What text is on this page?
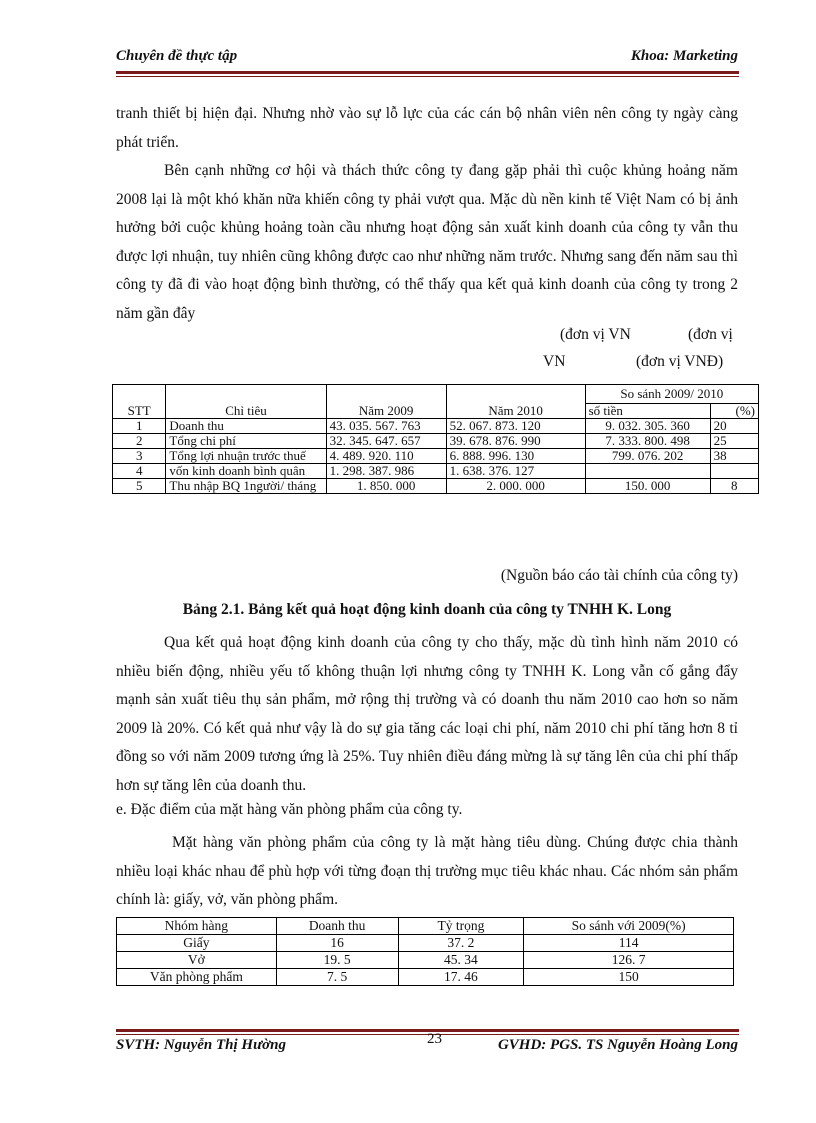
Chuyên đề thực tập	Khoa: Marketing
tranh thiết bị hiện đại. Nhưng nhờ vào sự lỗ lực của các cán bộ nhân viên nên công ty ngày càng phát triển.
Bên cạnh những cơ hội và thách thức công ty đang gặp phải thì cuộc khủng hoảng năm 2008 lại là một khó khăn nữa khiến công ty phải vượt qua. Mặc dù nền kinh tế Việt Nam có bị ảnh hưởng bởi cuộc khủng hoảng toàn cầu nhưng hoạt động sản xuất kinh doanh của công ty vẫn thu được lợi nhuận, tuy nhiên cũng không được cao như những năm trước. Nhưng sang đến năm sau thì công ty đã đi vào hoạt động bình thường, có thể thấy qua kết quả kinh doanh của công ty trong 2 năm gần đây
(đơn vị VN	(đơn vị
VN	(đơn vị VNĐ)
STT	Chỉ tiêu	Năm 2009	Năm 2010	So sánh 2009/ 2010	
				số tiền	(%)
1	Doanh thu	43. 035. 567. 763	52. 067. 873. 120	9. 032. 305. 360	20
2	Tổng chi phí	32. 345. 647. 657	39. 678. 876. 990	7. 333. 800. 498	25
3	Tổng lợi nhuận trước thuế	4. 489. 920. 110	6. 888. 996. 130	799. 076. 202	38
4	vốn kinh doanh bình quân	1. 298. 387. 986	1. 638. 376. 127		
5	Thu nhập BQ 1người/ tháng	1. 850. 000	2. 000. 000	150. 000	8
(Nguồn báo cáo tài chính của công ty)
Bảng 2.1. Bảng kết quả hoạt động kinh doanh của công ty TNHH K. Long
Qua kết quả hoạt động kinh doanh của công ty cho thấy, mặc dù tình hình năm 2010 có nhiều biến động, nhiều yếu tố không thuận lợi nhưng công ty TNHH K. Long vẫn cố gắng đẩy mạnh sản xuất tiêu thụ sản phẩm, mở rộng thị trường và có doanh thu năm 2010 cao hơn so năm 2009 là 20%. Có kết quả như vậy là do sự gia tăng các loại chi phí, năm 2010 chi phí tăng hơn 8 tỉ đồng so với năm 2009 tương ứng là 25%. Tuy nhiên điều đáng mừng là sự tăng lên của chi phí thấp hơn sự tăng lên của doanh thu.
e. Đặc điểm của mặt hàng văn phòng phẩm của công ty.
Mặt hàng văn phòng phẩm của công ty là mặt hàng tiêu dùng. Chúng được chia thành nhiều loại khác nhau để phù hợp với từng đoạn thị trường mục tiêu khác nhau. Các nhóm sản phẩm chính là: giấy, vở, văn phòng phẩm.
Nhóm hàng	Doanh thu	Tỷ trọng	So sánh với 2009(%)
Giấy	16	37. 2	114
Vở	19. 5	45. 34	126. 7
Văn phòng phẩm	7. 5	17. 46	150
23
SVTH: Nguyễn Thị Hường	GVHD: PGS. TS Nguyễn Hoàng Long
